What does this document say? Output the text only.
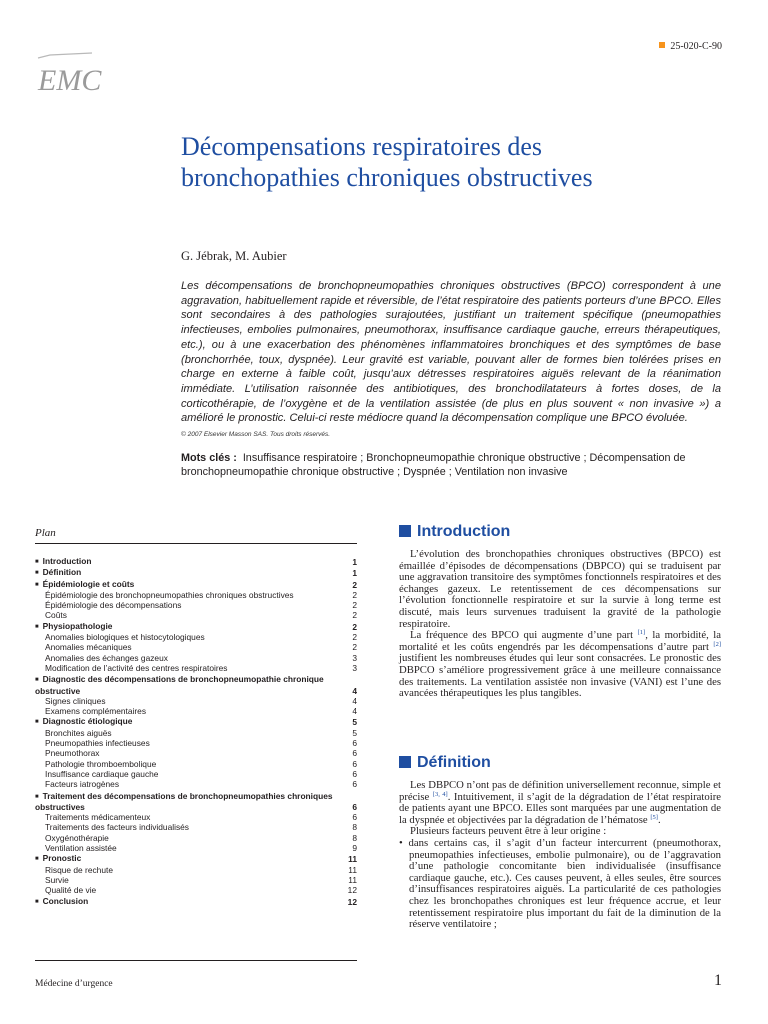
EMC
25-020-C-90
Décompensations respiratoires des bronchopathies chroniques obstructives
G. Jébrak, M. Aubier

Les décompensations de bronchopneumopathies chroniques obstructives (BPCO) correspondent à une aggravation, habituellement rapide et réversible, de l’état respiratoire des patients porteurs d’une BPCO. Elles sont secondaires à des pathologies surajoutées, justifiant un traitement spécifique (pneumopathies infectieuses, embolies pulmonaires, pneumothorax, insuffisance cardiaque gauche, erreurs thérapeutiques, etc.), ou à une exacerbation des phénomènes inflammatoires bronchiques et des symptômes de base (bronchorrhée, toux, dyspnée). Leur gravité est variable, pouvant aller de formes bien tolérées prises en charge en externe à faible coût, jusqu’aux détresses respiratoires aiguës relevant de la réanimation immédiate. L’utilisation raisonnée des antibiotiques, des bronchodilatateurs à fortes doses, de la corticothérapie, de l’oxygène et de la ventilation assistée (de plus en plus souvent « non invasive ») a amélioré le pronostic. Celui-ci reste médiocre quand la décompensation complique une BPCO évoluée.

© 2007 Elsevier Masson SAS. Tous droits réservés.
Mots clés : Insuffisance respiratoire ; Bronchopneumopathie chronique obstructive ; Décompensation de bronchopneumopathie chronique obstructive ; Dyspnée ; Ventilation non invasive
Plan
■ Introduction	1
■ Définition	1
■ Épidémiologie et coûts	2
Épidémiologie des bronchopneumopathies chroniques obstructives	2
Épidémiologie des décompensations	2
Coûts	2
■ Physiopathologie	2
Anomalies biologiques et histocytologiques	2
Anomalies mécaniques	2
Anomalies des échanges gazeux	3
Modification de l’activité des centres respiratoires	3
■ Diagnostic des décompensations de bronchopneumopathie chronique obstructive	4
Signes cliniques	4
Examens complémentaires	4
■ Diagnostic étiologique	5
Bronchites aiguës	5
Pneumopathies infectieuses	6
Pneumothorax	6
Pathologie thromboembolique	6
Insuffisance cardiaque gauche	6
Facteurs iatrogènes	6
■ Traitement des décompensations de bronchopneumopathies chroniques obstructives	6
Traitements médicamenteux	6
Traitements des facteurs individualisés	8
Oxygénothérapie	8
Ventilation assistée	9
■ Pronostic	11
Risque de rechute	11
Survie	11
Qualité de vie	12
■ Conclusion	12
Introduction

L’évolution des bronchopathies chroniques obstructives (BPCO) est émaillée d’épisodes de décompensations (DBPCO) qui se traduisent par une aggravation transitoire des symptômes fonctionnels respiratoires et des échanges gazeux. Le retentissement de ces décompensations sur l’évolution fonctionnelle respiratoire et sur la survie à long terme est discuté, mais leurs survenues traduisent la gravité de la pathologie respiratoire.

La fréquence des BPCO qui augmente d’une part [1], la morbidité, la mortalité et les coûts engendrés par les décompensations d’autre part [2] justifient les nombreuses études qui leur sont consacrées. Le pronostic des DBPCO s’améliore progressivement grâce à une meilleure connaissance des traitements. La ventilation assistée non invasive (VANI) est l’une des avancées thérapeutiques les plus tangibles.

Définition

Les DBPCO n’ont pas de définition universellement reconnue, simple et précise [3, 4]. Intuitivement, il s’agit de la dégradation de l’état respiratoire de patients ayant une BPCO. Elles sont marquées par une augmentation de la dyspnée et objectivées par la dégradation de l’hématose [5].

Plusieurs facteurs peuvent être à leur origine :

• dans certains cas, il s’agit d’un facteur intercurrent (pneumothorax, pneumopathies infectieuses, embolie pulmonaire), ou de l’aggravation d’une pathologie concomitante bien individualisée (insuffisance cardiaque gauche, etc.). Ces causes peuvent, à elles seules, être sources d’insuffisances respiratoires aiguës. La particularité de ces pathologies chez les bronchopathes chroniques est leur fréquence accrue, et leur retentissement respiratoire plus important du fait de la diminution de la réserve ventilatoire ;

Médecine d’urgence	1
